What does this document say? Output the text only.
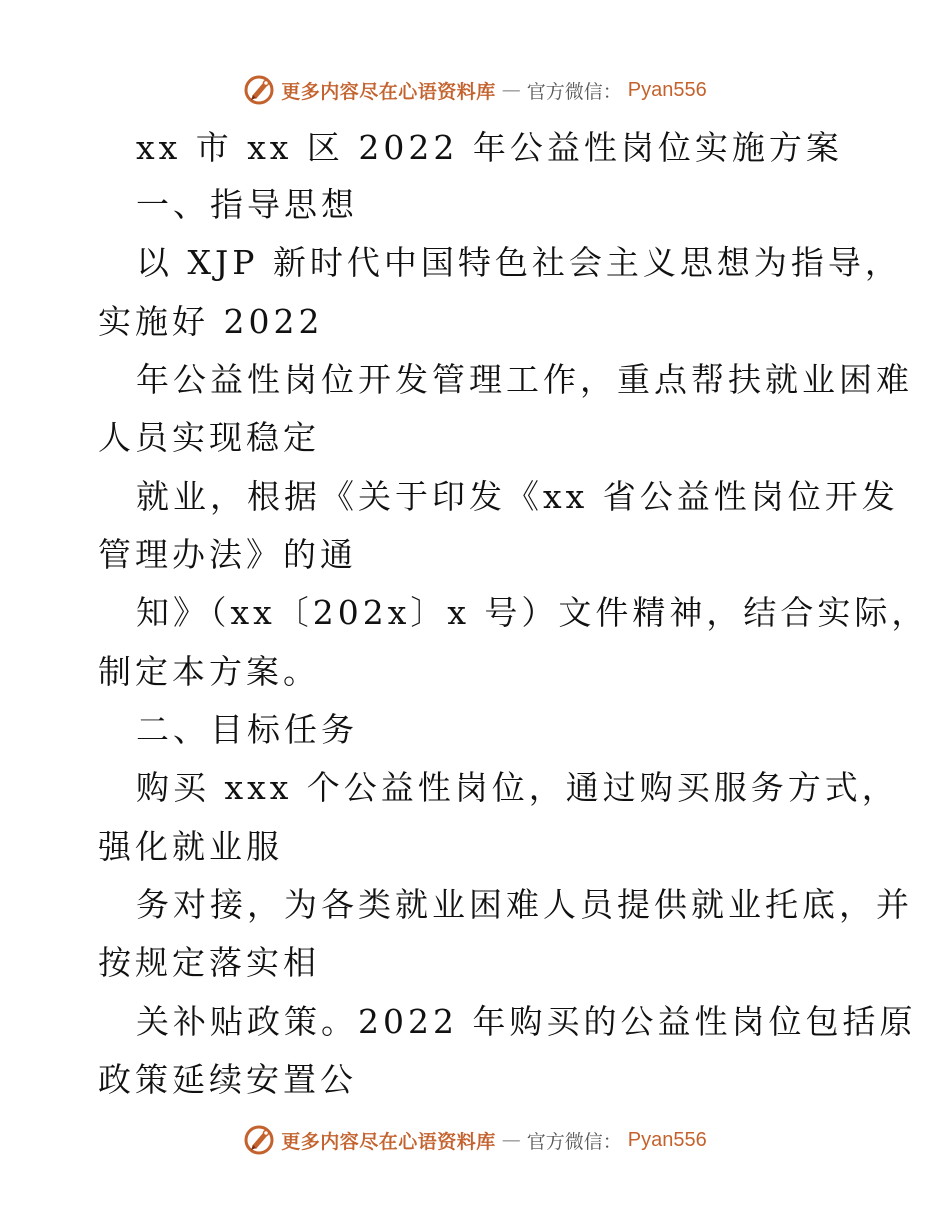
更多内容尽在心语资料库 — 官方微信： Pyan556
xx 市 xx 区 2022 年公益性岗位实施方案
一、指导思想
以 XJP 新时代中国特色社会主义思想为指导，
实施好 2022
年公益性岗位开发管理工作，重点帮扶就业困难
人员实现稳定
就业，根据《关于印发《xx 省公益性岗位开发
管理办法》的通
知》（xx〔202x〕x 号）文件精神，结合实际，
制定本方案。
二、目标任务
购买 xxx 个公益性岗位，通过购买服务方式，
强化就业服
务对接，为各类就业困难人员提供就业托底，并
按规定落实相
关补贴政策。2022 年购买的公益性岗位包括原
政策延续安置公
更多内容尽在心语资料库 — 官方微信： Pyan556
